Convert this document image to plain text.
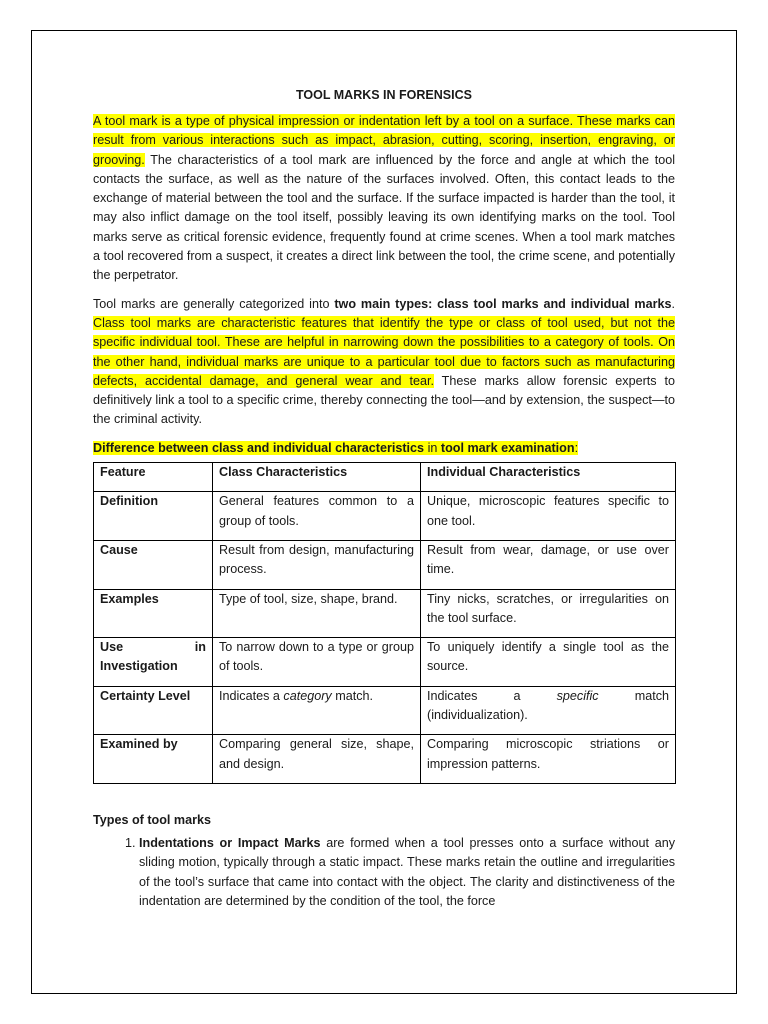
TOOL MARKS IN FORENSICS

A tool mark is a type of physical impression or indentation left by a tool on a surface. These marks can result from various interactions such as impact, abrasion, cutting, scoring, insertion, engraving, or grooving. The characteristics of a tool mark are influenced by the force and angle at which the tool contacts the surface, as well as the nature of the surfaces involved. Often, this contact leads to the exchange of material between the tool and the surface. If the surface impacted is harder than the tool, it may also inflict damage on the tool itself, possibly leaving its own identifying marks on the tool. Tool marks serve as critical forensic evidence, frequently found at crime scenes. When a tool mark matches a tool recovered from a suspect, it creates a direct link between the tool, the crime scene, and potentially the perpetrator.

Tool marks are generally categorized into two main types: class tool marks and individual marks. Class tool marks are characteristic features that identify the type or class of tool used, but not the specific individual tool. These are helpful in narrowing down the possibilities to a category of tools. On the other hand, individual marks are unique to a particular tool due to factors such as manufacturing defects, accidental damage, and general wear and tear. These marks allow forensic experts to definitively link a tool to a specific crime, thereby connecting the tool—and by extension, the suspect—to the criminal activity.

Difference between class and individual characteristics in tool mark examination:
Feature	Class Characteristics	Individual Characteristics
Definition	General features common to a group of tools.	Unique, microscopic features specific to one tool.
Cause	Result from design, manufacturing process.	Result from wear, damage, or use over time.
Examples	Type of tool, size, shape, brand.	Tiny nicks, scratches, or irregularities on the tool surface.
Use in Investigation	To narrow down to a type or group of tools.	To uniquely identify a single tool as the source.
Certainty Level	Indicates a category match.	Indicates a specific match (individualization).
Examined by	Comparing general size, shape, and design.	Comparing microscopic striations or impression patterns.
Types of tool marks
1. Indentations or Impact Marks are formed when a tool presses onto a surface without any sliding motion, typically through a static impact. These marks retain the outline and irregularities of the tool’s surface that came into contact with the object. The clarity and distinctiveness of the indentation are determined by the condition of the tool, the force
